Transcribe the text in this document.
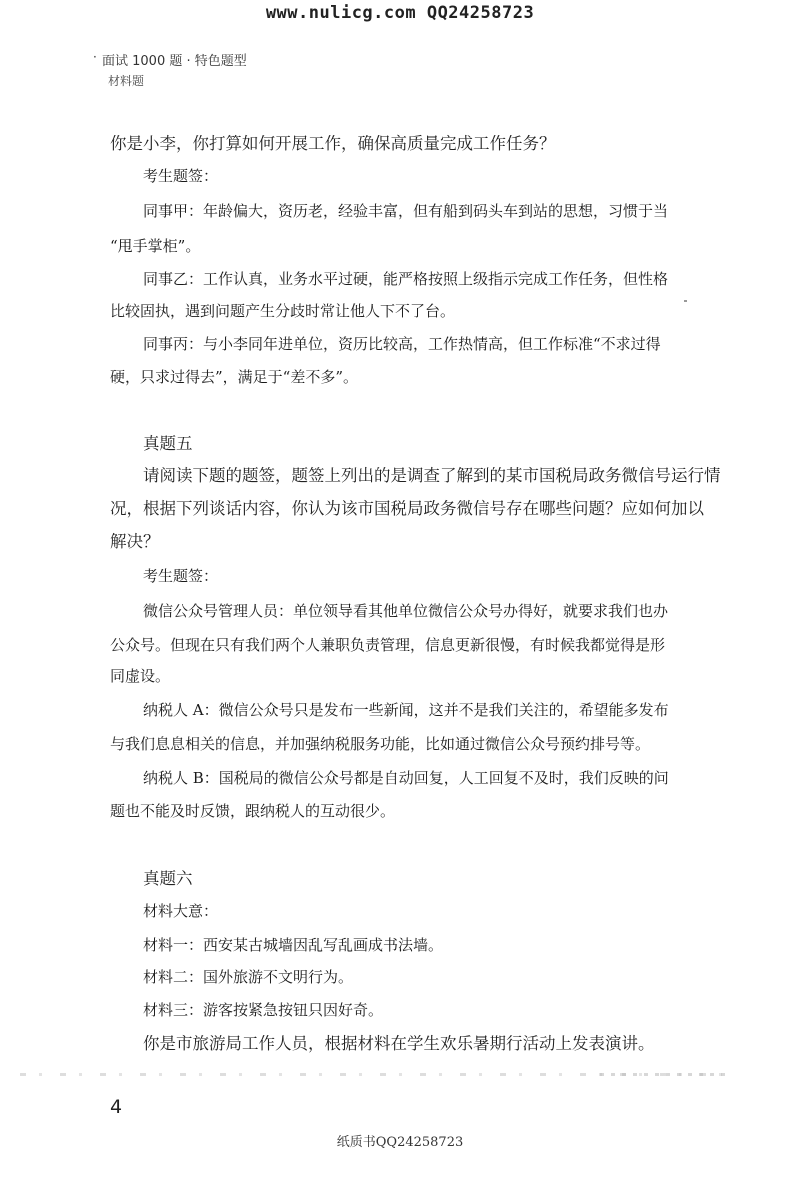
www.nulicg.com QQ24258723
· 面试 1000 题 · 特色题型
材料题
你是小李，你打算如何开展工作，确保高质量完成工作任务？
考生题签：
同事甲：年龄偏大，资历老，经验丰富，但有船到码头车到站的思想，习惯于当
“甩手掌柜”。
同事乙：工作认真，业务水平过硬，能严格按照上级指示完成工作任务，但性格
比较固执，遇到问题产生分歧时常让他人下不了台。
同事丙：与小李同年进单位，资历比较高，工作热情高，但工作标准“不求过得
硬，只求过得去”，满足于“差不多”。
真题五
请阅读下题的题签，题签上列出的是调查了解到的某市国税局政务微信号运行情
况，根据下列谈话内容，你认为该市国税局政务微信号存在哪些问题？应如何加以
解决？
考生题签：
微信公众号管理人员：单位领导看其他单位微信公众号办得好，就要求我们也办
公众号。但现在只有我们两个人兼职负责管理，信息更新很慢，有时候我都觉得是形
同虚设。
纳税人 A：微信公众号只是发布一些新闻，这并不是我们关注的，希望能多发布
与我们息息相关的信息，并加强纳税服务功能，比如通过微信公众号预约排号等。
纳税人 B：国税局的微信公众号都是自动回复，人工回复不及时，我们反映的问
题也不能及时反馈，跟纳税人的互动很少。
真题六
材料大意：
材料一：西安某古城墙因乱写乱画成书法墙。
材料二：国外旅游不文明行为。
材料三：游客按紧急按钮只因好奇。
你是市旅游局工作人员，根据材料在学生欢乐暑期行活动上发表演讲。
4
纸质书QQ24258723
